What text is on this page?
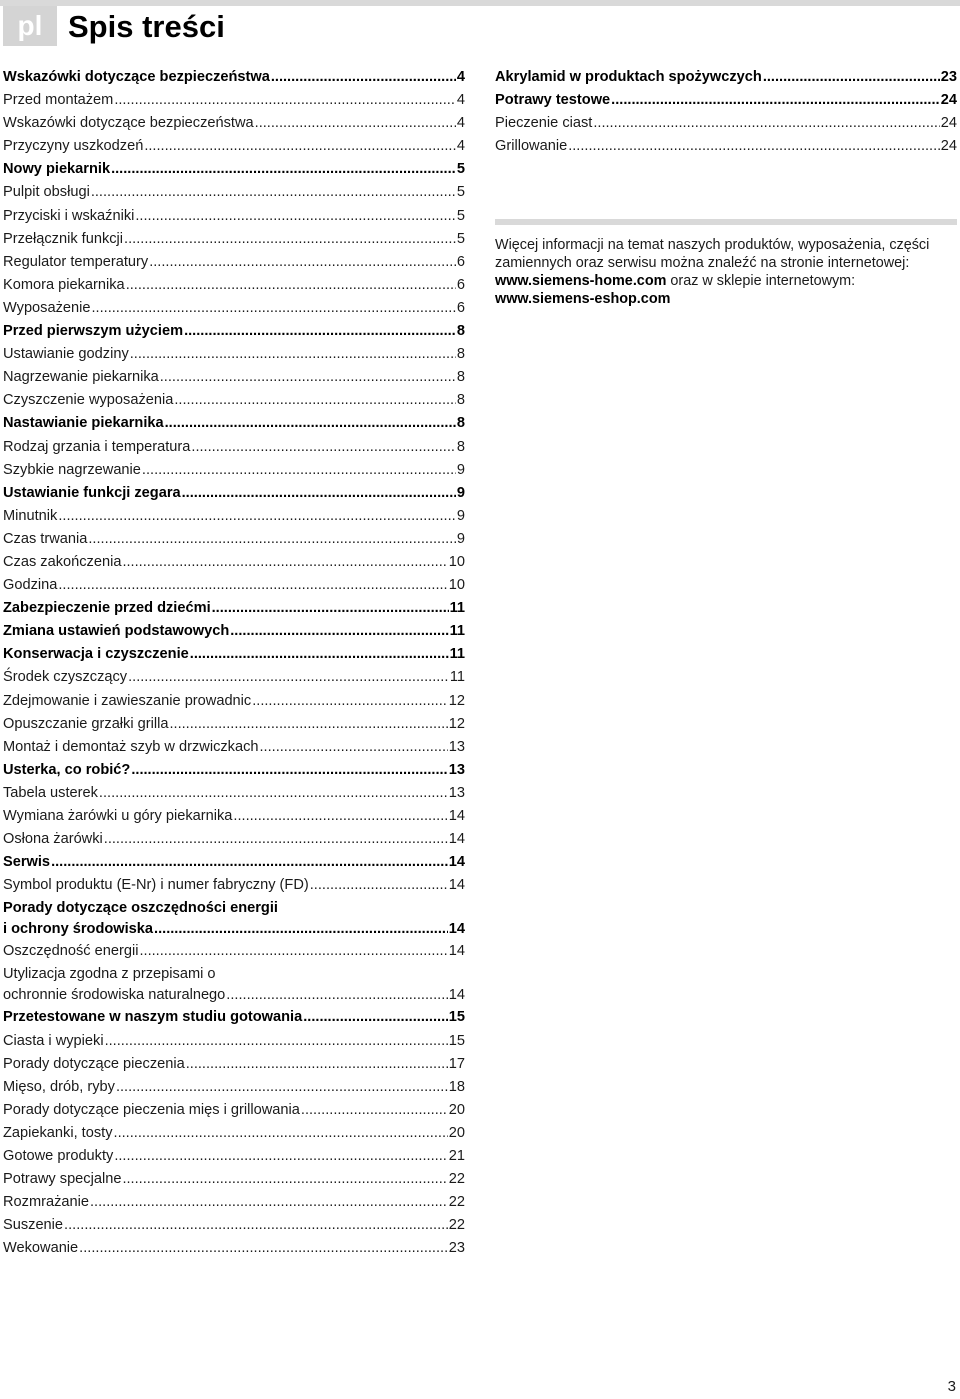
pl Spis treści
Wskazówki dotyczące bezpieczeństwa .....	4
Przed montażem .....	4
Wskazówki dotyczące bezpieczeństwa .....	4
Przyczyny uszkodzeń .....	4
Nowy piekarnik .....	5
Pulpit obsługi .....	5
Przyciski i wskaźniki .....	5
Przełącznik funkcji .....	5
Regulator temperatury .....	6
Komora piekarnika .....	6
Wyposażenie .....	6
Przed pierwszym użyciem .....	8
Ustawianie godziny .....	8
Nagrzewanie piekarnika .....	8
Czyszczenie wyposażenia .....	8
Nastawianie piekarnika .....	8
Rodzaj grzania i temperatura .....	8
Szybkie nagrzewanie .....	9
Ustawianie funkcji zegara .....	9
Minutnik .....	9
Czas trwania .....	9
Czas zakończenia .....	10
Godzina .....	10
Zabezpieczenie przed dziećmi .....	11
Zmiana ustawień podstawowych .....	11
Konserwacja i czyszczenie .....	11
Środek czyszczący .....	11
Zdejmowanie i zawieszanie prowadnic .....	12
Opuszczanie grzałki grilla .....	12
Montaż i demontaż szyb w drzwiczkach .....	13
Usterka, co robić? .....	13
Tabela usterek .....	13
Wymiana żarówki u góry piekarnika .....	14
Osłona żarówki .....	14
Serwis .....	14
Symbol produktu (E-Nr) i numer fabryczny (FD) .....	14
Porady dotyczące oszczędności energii
i ochrony środowiska .....	14
Oszczędność energii .....	14
Utylizacja zgodna z przepisami o
ochronnie środowiska naturalnego .....	14
Przetestowane w naszym studiu gotowania .....	15
Ciasta i wypieki .....	15
Porady dotyczące pieczenia .....	17
Mięso, drób, ryby .....	18
Porady dotyczące pieczenia mięs i grillowania .....	20
Zapiekanki, tosty .....	20
Gotowe produkty .....	21
Potrawy specjalne .....	22
Rozmrażanie .....	22
Suszenie .....	22
Wekowanie .....	23
Akrylamid w produktach spożywczych .....	23
Potrawy testowe .....	24
Pieczenie ciast .....	24
Grillowanie .....	24
Więcej informacji na temat naszych produktów, wyposażenia, części zamiennych oraz serwisu można znaleźć na stronie internetowej: www.siemens-home.com oraz w sklepie internetowym: www.siemens-eshop.com
3
